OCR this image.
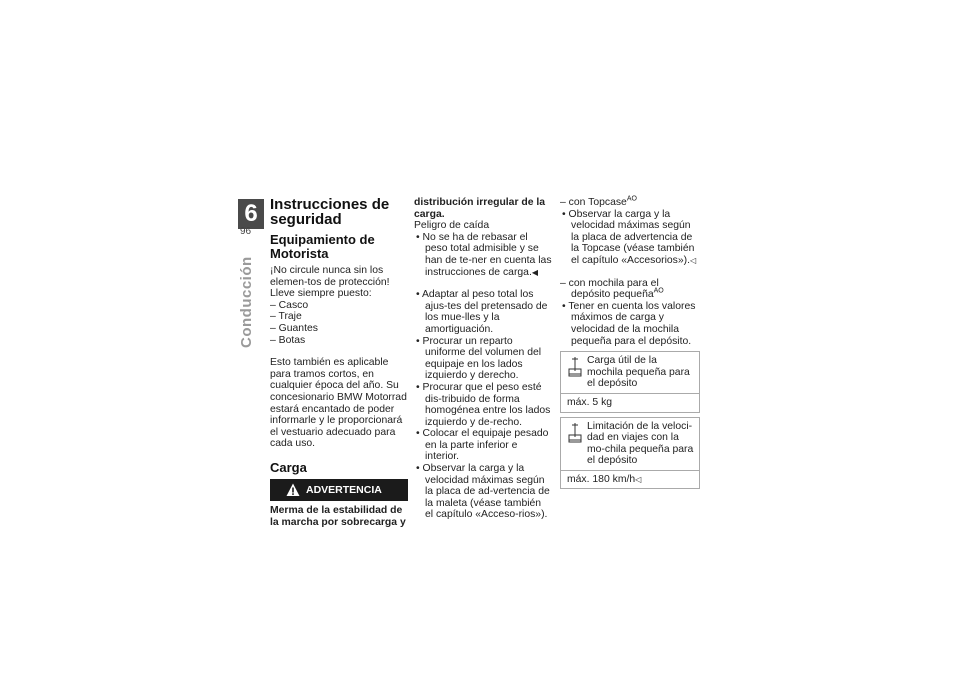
6
96
Conducción
Instrucciones de seguridad
Equipamiento de Motorista

¡No circule nunca sin los elemen-tos de protección! Lleve siempre puesto:

– Casco
– Traje
– Guantes
– Botas

Esto también es aplicable para tramos cortos, en cualquier época del año. Su concesionario BMW Motorrad estará encantado de poder informarle y le proporcionará el vestuario adecuado para cada uso.

Carga
ADVERTENCIA

Merma de la estabilidad de la marcha por sobrecarga y

distribución irregular de la carga.

Peligro de caída

• No se ha de rebasar el peso total admisible y se han de te-ner en cuenta las instrucciones de carga.◀
• Adaptar al peso total los ajus-tes del pretensado de los mue-lles y la amortiguación.
• Procurar un reparto uniforme del volumen del equipaje en los lados izquierdo y derecho.
• Procurar que el peso esté dis-tribuido de forma homogénea entre los lados izquierdo y de-recho.
• Colocar el equipaje pesado en la parte inferior e interior.
• Observar la carga y la velocidad máximas según la placa de ad-vertencia de la maleta (véase también el capítulo «Acceso-rios»).
– con Topcase$^{AO}$
• Observar la carga y la velocidad máximas según la placa de advertencia de la Topcase (véase también el capítulo «Accesorios»).◁
– con mochila para el depósito pequeña$^{AO}$
• Tener en cuenta los valores máximos de carga y velocidad de la mochila pequeña para el depósito.
Carga útil de la mochila pequeña para el depósito
máx. 5 kg
Limitación de la veloci-dad en viajes con la mo-chila pequeña para el depósito
máx. 180 km/h◁
